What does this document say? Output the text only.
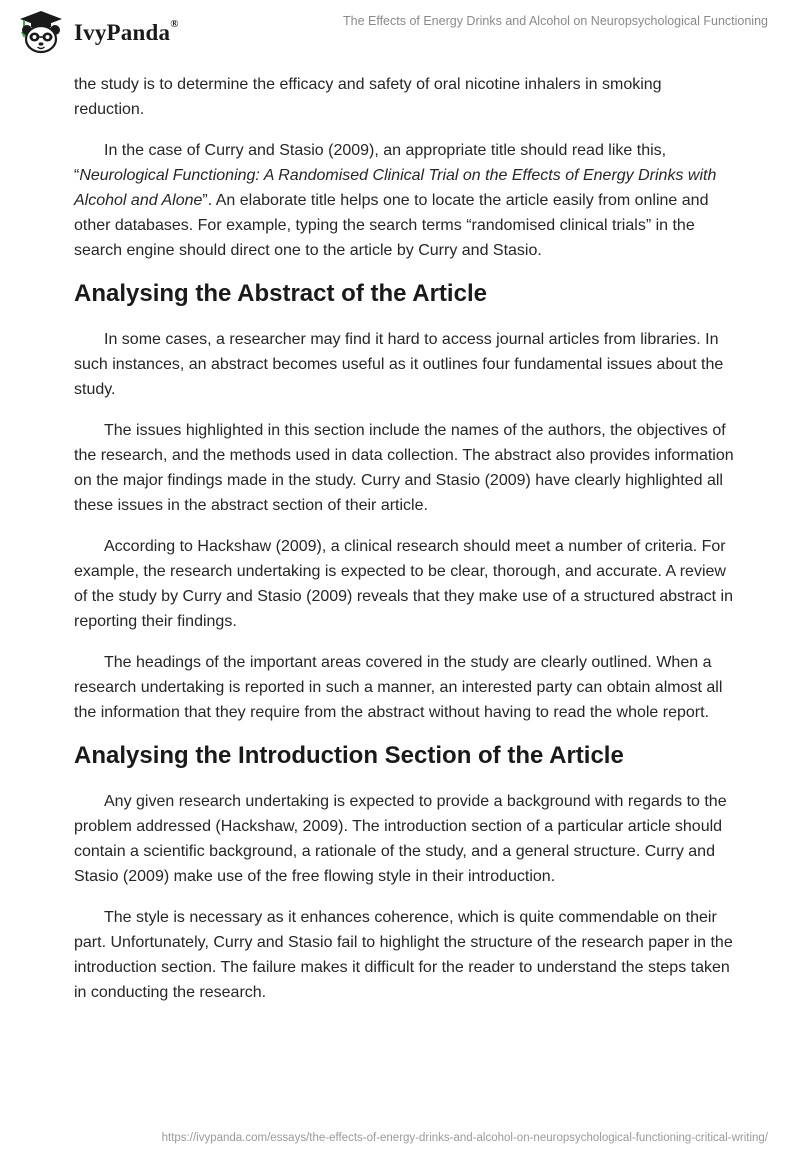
IvyPanda®	The Effects of Energy Drinks and Alcohol on Neuropsychological Functioning

the study is to determine the efficacy and safety of oral nicotine inhalers in smoking reduction.

In the case of Curry and Stasio (2009), an appropriate title should read like this, “Neurological Functioning: A Randomised Clinical Trial on the Effects of Energy Drinks with Alcohol and Alone”. An elaborate title helps one to locate the article easily from online and other databases. For example, typing the search terms “randomised clinical trials” in the search engine should direct one to the article by Curry and Stasio.

Analysing the Abstract of the Article

In some cases, a researcher may find it hard to access journal articles from libraries. In such instances, an abstract becomes useful as it outlines four fundamental issues about the study.

The issues highlighted in this section include the names of the authors, the objectives of the research, and the methods used in data collection. The abstract also provides information on the major findings made in the study. Curry and Stasio (2009) have clearly highlighted all these issues in the abstract section of their article.

According to Hackshaw (2009), a clinical research should meet a number of criteria. For example, the research undertaking is expected to be clear, thorough, and accurate. A review of the study by Curry and Stasio (2009) reveals that they make use of a structured abstract in reporting their findings.

The headings of the important areas covered in the study are clearly outlined. When a research undertaking is reported in such a manner, an interested party can obtain almost all the information that they require from the abstract without having to read the whole report.

Analysing the Introduction Section of the Article

Any given research undertaking is expected to provide a background with regards to the problem addressed (Hackshaw, 2009). The introduction section of a particular article should contain a scientific background, a rationale of the study, and a general structure. Curry and Stasio (2009) make use of the free flowing style in their introduction.

The style is necessary as it enhances coherence, which is quite commendable on their part. Unfortunately, Curry and Stasio fail to highlight the structure of the research paper in the introduction section. The failure makes it difficult for the reader to understand the steps taken in conducting the research.

https://ivypanda.com/essays/the-effects-of-energy-drinks-and-alcohol-on-neuropsychological-functioning-critical-writing/
